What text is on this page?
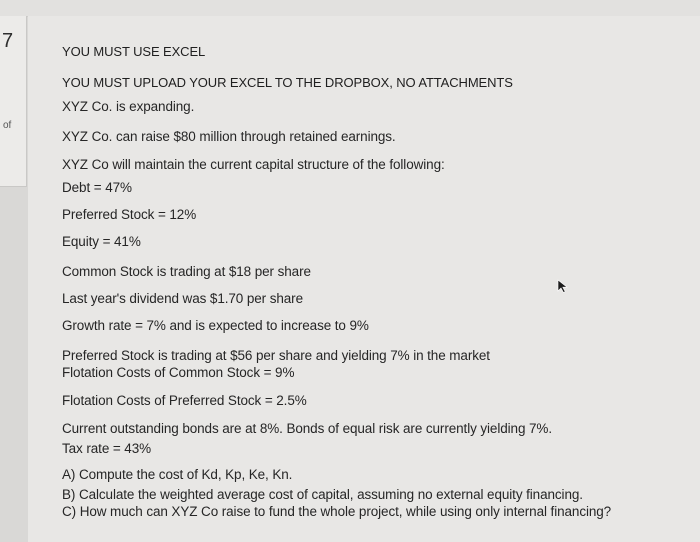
7
of
YOU MUST USE EXCEL
YOU MUST UPLOAD YOUR EXCEL TO THE DROPBOX, NO ATTACHMENTS
XYZ Co. is expanding.
XYZ Co. can raise $80 million through retained earnings.
XYZ Co will maintain the current capital structure of the following:
Debt = 47%
Preferred Stock = 12%
Equity = 41%
Common Stock is trading at $18 per share
Last year's dividend was $1.70 per share
Growth rate = 7% and is expected to increase to 9%
Preferred Stock is trading at $56 per share and yielding 7% in the market
Flotation Costs of Common Stock = 9%
Flotation Costs of Preferred Stock = 2.5%
Current outstanding bonds are at 8%. Bonds of equal risk are currently yielding 7%.
Tax rate = 43%
A) Compute the cost of Kd, Kp, Ke, Kn.
B) Calculate the weighted average cost of capital, assuming no external equity financing.
C) How much can XYZ Co raise to fund the whole project, while using only internal financing?
